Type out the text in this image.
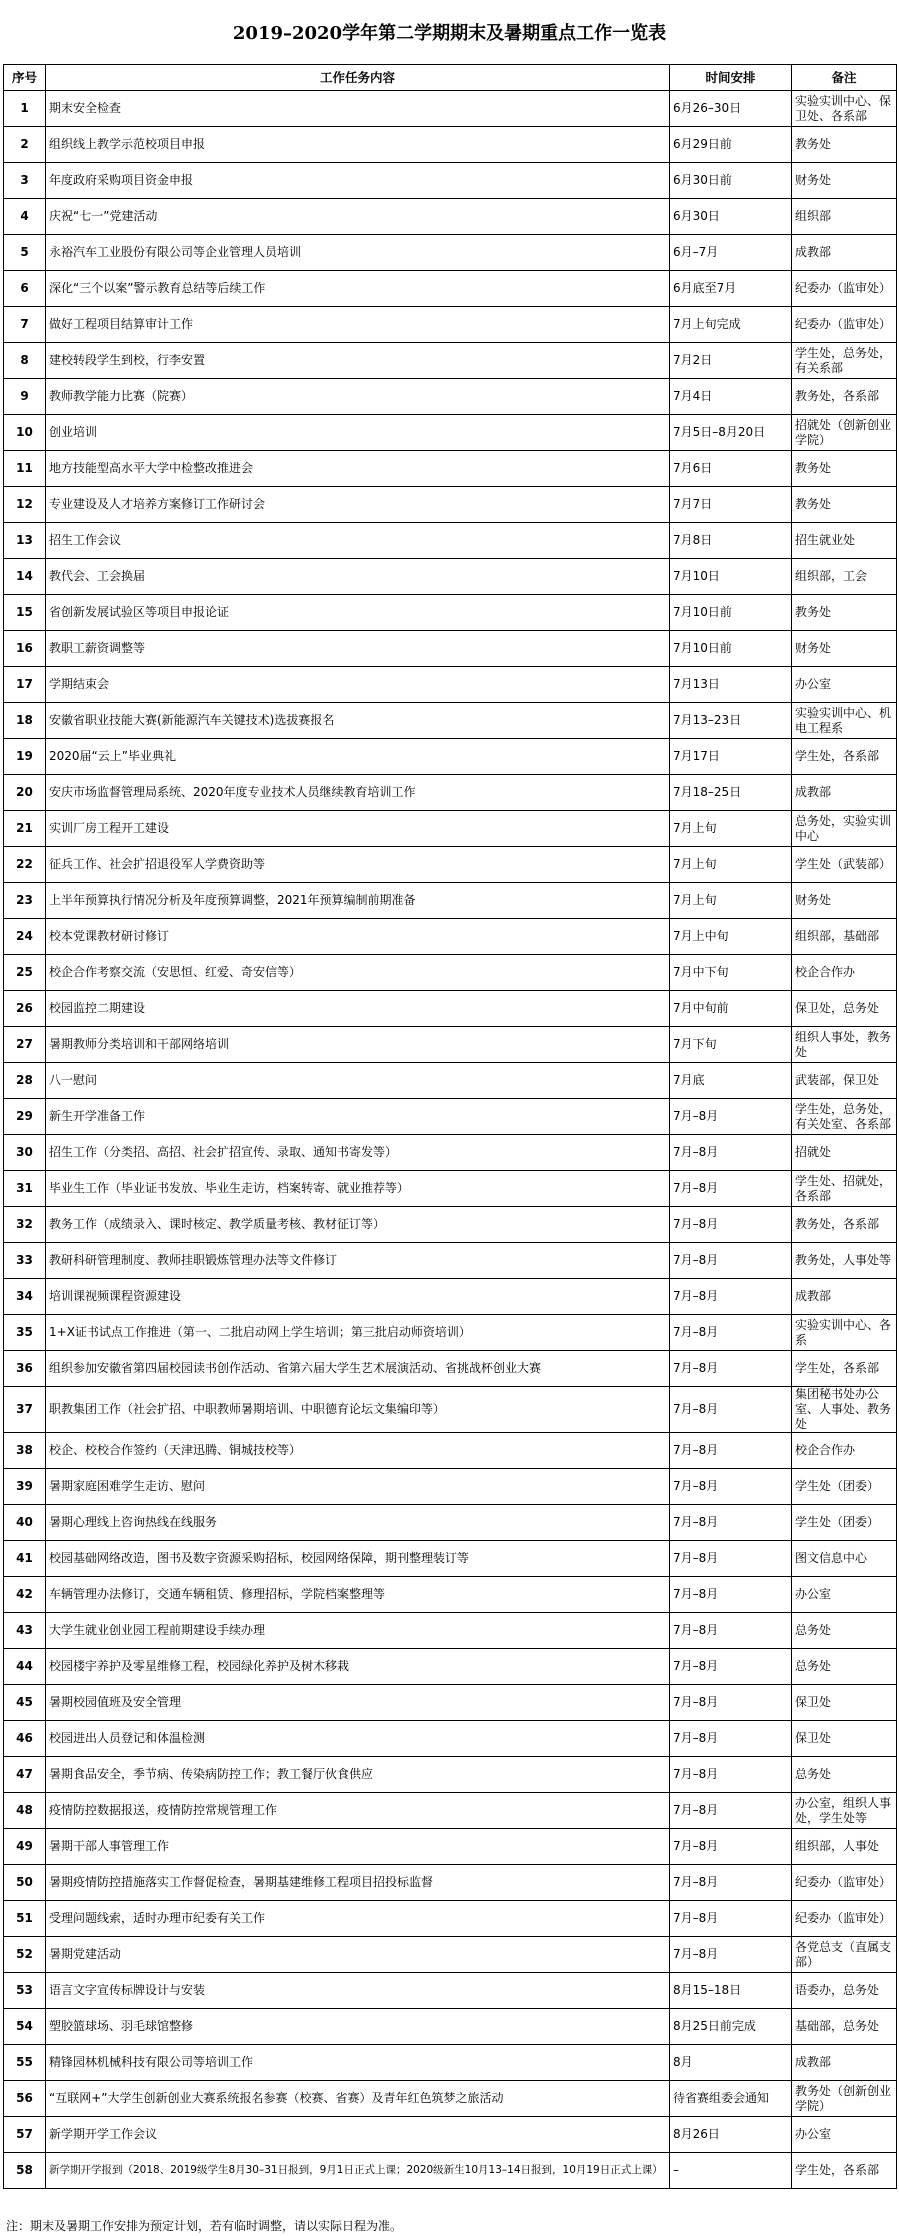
2019–2020学年第二学期期末及暑期重点工作一览表
序号	工作任务内容	时间安排	备注
1	期末安全检查	6月26–30日	实验实训中心、保卫处、各系部
2	组织线上教学示范校项目申报	6月29日前	教务处
3	年度政府采购项目资金申报	6月30日前	财务处
4	庆祝“七一”党建活动	6月30日	组织部
5	永裕汽车工业股份有限公司等企业管理人员培训	6月–7月	成教部
6	深化“三个以案”警示教育总结等后续工作	6月底至7月	纪委办（监审处）
7	做好工程项目结算审计工作	7月上旬完成	纪委办（监审处）
8	建校转段学生到校，行李安置	7月2日	学生处，总务处，有关系部
9	教师教学能力比赛（院赛）	7月4日	教务处，各系部
10	创业培训	7月5日–8月20日	招就处（创新创业学院）
11	地方技能型高水平大学中检整改推进会	7月6日	教务处
12	专业建设及人才培养方案修订工作研讨会	7月7日	教务处
13	招生工作会议	7月8日	招生就业处
14	教代会、工会换届	7月10日	组织部，工会
15	省创新发展试验区等项目申报论证	7月10日前	教务处
16	教职工薪资调整等	7月10日前	财务处
17	学期结束会	7月13日	办公室
18	安徽省职业技能大赛(新能源汽车关键技术)选拔赛报名	7月13–23日	实验实训中心、机电工程系
19	2020届“云上”毕业典礼	7月17日	学生处，各系部
20	安庆市场监督管理局系统、2020年度专业技术人员继续教育培训工作	7月18–25日	成教部
21	实训厂房工程开工建设	7月上旬	总务处，实验实训中心
22	征兵工作、社会扩招退役军人学费资助等	7月上旬	学生处（武装部）
23	上半年预算执行情况分析及年度预算调整，2021年预算编制前期准备	7月上旬	财务处
24	校本党课教材研讨修订	7月上中旬	组织部，基础部
25	校企合作考察交流（安思恒、红爱、奇安信等）	7月中下旬	校企合作办
26	校园监控二期建设	7月中旬前	保卫处，总务处
27	暑期教师分类培训和干部网络培训	7月下旬	组织人事处，教务处
28	八一慰问	7月底	武装部，保卫处
29	新生开学准备工作	7月–8月	学生处，总务处，有关处室、各系部
30	招生工作（分类招、高招、社会扩招宣传、录取、通知书寄发等）	7月–8月	招就处
31	毕业生工作（毕业证书发放、毕业生走访，档案转寄、就业推荐等）	7月–8月	学生处、招就处，各系部
32	教务工作（成绩录入、课时核定、教学质量考核、教材征订等）	7月–8月	教务处，各系部
33	教研科研管理制度、教师挂职锻炼管理办法等文件修订	7月–8月	教务处，人事处等
34	培训课视频课程资源建设	7月–8月	成教部
35	1+X证书试点工作推进（第一、二批启动网上学生培训；第三批启动师资培训）	7月–8月	实验实训中心、各系
36	组织参加安徽省第四届校园读书创作活动、省第六届大学生艺术展演活动、省挑战杯创业大赛	7月–8月	学生处，各系部
37	职教集团工作（社会扩招、中职教师暑期培训、中职德育论坛文集编印等）	7月–8月	集团秘书处办公室、人事处、教务处
38	校企、校校合作签约（天津迅腾、铜城技校等）	7月–8月	校企合作办
39	暑期家庭困难学生走访、慰问	7月–8月	学生处（团委）
40	暑期心理线上咨询热线在线服务	7月–8月	学生处（团委）
41	校园基础网络改造，图书及数字资源采购招标，校园网络保障，期刊整理装订等	7月–8月	图文信息中心
42	车辆管理办法修订，交通车辆租赁、修理招标，学院档案整理等	7月–8月	办公室
43	大学生就业创业园工程前期建设手续办理	7月–8月	总务处
44	校园楼宇养护及零星维修工程，校园绿化养护及树木移栽	7月–8月	总务处
45	暑期校园值班及安全管理	7月–8月	保卫处
46	校园进出人员登记和体温检测	7月–8月	保卫处
47	暑期食品安全，季节病、传染病防控工作；教工餐厅伙食供应	7月–8月	总务处
48	疫情防控数据报送，疫情防控常规管理工作	7月–8月	办公室，组织人事处，学生处等
49	暑期干部人事管理工作	7月–8月	组织部，人事处
50	暑期疫情防控措施落实工作督促检查，暑期基建维修工程项目招投标监督	7月–8月	纪委办（监审处）
51	受理问题线索，适时办理市纪委有关工作	7月–8月	纪委办（监审处）
52	暑期党建活动	7月–8月	各党总支（直属支部）
53	语言文字宣传标牌设计与安装	8月15–18日	语委办，总务处
54	塑胶篮球场、羽毛球馆整修	8月25日前完成	基础部，总务处
55	精锋园林机械科技有限公司等培训工作	8月	成教部
56	“互联网+”大学生创新创业大赛系统报名参赛（校赛、省赛）及青年红色筑梦之旅活动	待省赛组委会通知	教务处（创新创业学院）
57	新学期开学工作会议	8月26日	办公室
58	新学期开学报到（2018、2019级学生8月30–31日报到，9月1日正式上课；2020级新生10月13–14日报到，10月19日正式上课）	–	学生处，各系部
注：期末及暑期工作安排为预定计划，若有临时调整，请以实际日程为准。
